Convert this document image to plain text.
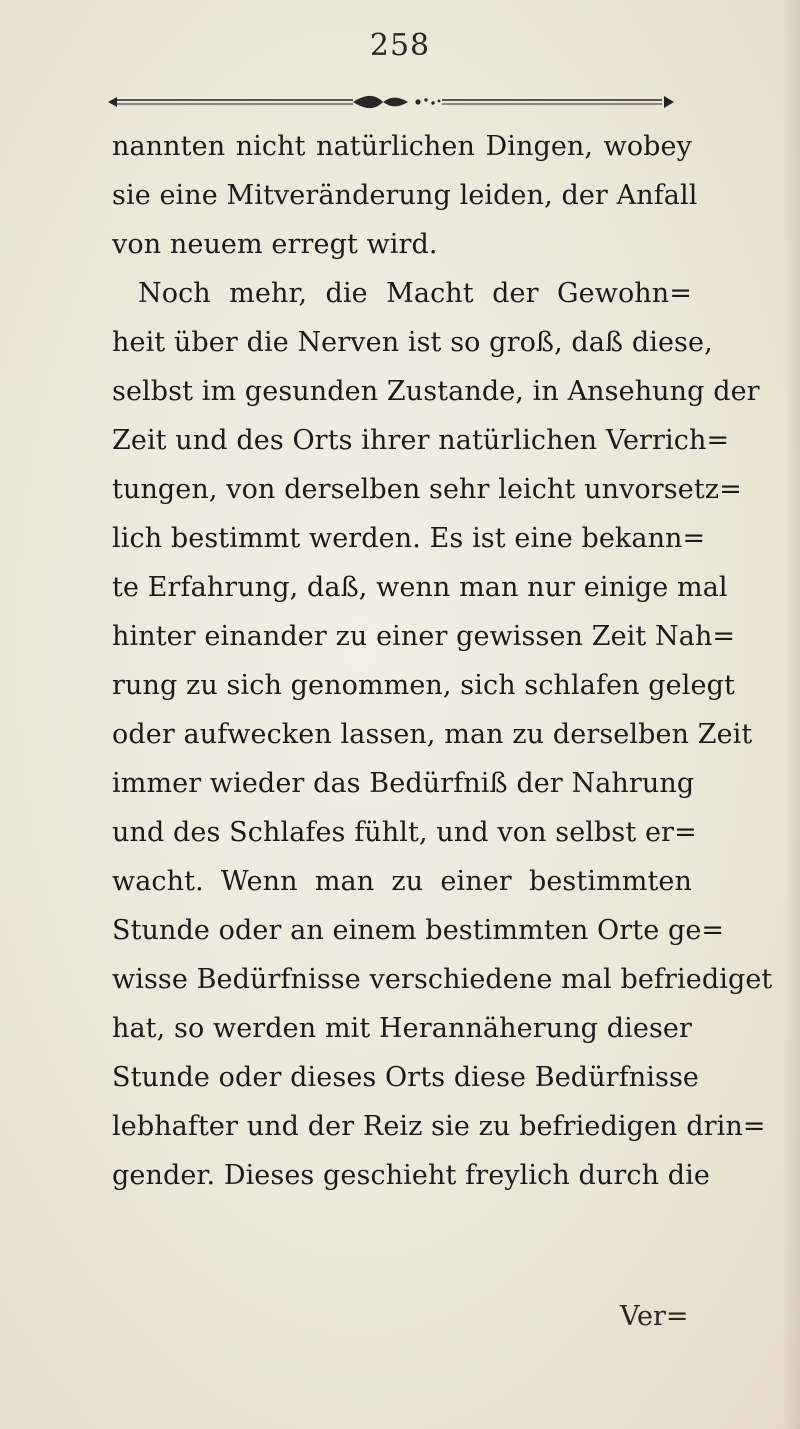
258
nannten nicht natürlichen Dingen, wobey
sie eine Mitveränderung leiden, der Anfall
von neuem erregt wird.
Noch mehr, die Macht der Gewohn=
heit über die Nerven ist so groß, daß diese,
selbst im gesunden Zustande, in Ansehung der
Zeit und des Orts ihrer natürlichen Verrich=
tungen, von derselben sehr leicht unvorsetz=
lich bestimmt werden. Es ist eine bekann=
te Erfahrung, daß, wenn man nur einige mal
hinter einander zu einer gewissen Zeit Nah=
rung zu sich genommen, sich schlafen gelegt
oder aufwecken lassen, man zu derselben Zeit
immer wieder das Bedürfniß der Nahrung
und des Schlafes fühlt, und von selbst er=
wacht. Wenn man zu einer bestimmten
Stunde oder an einem bestimmten Orte ge=
wisse Bedürfnisse verschiedene mal befriediget
hat, so werden mit Herannäherung dieser
Stunde oder dieses Orts diese Bedürfnisse
lebhafter und der Reiz sie zu befriedigen drin=
gender. Dieses geschieht freylich durch die
Ver=
